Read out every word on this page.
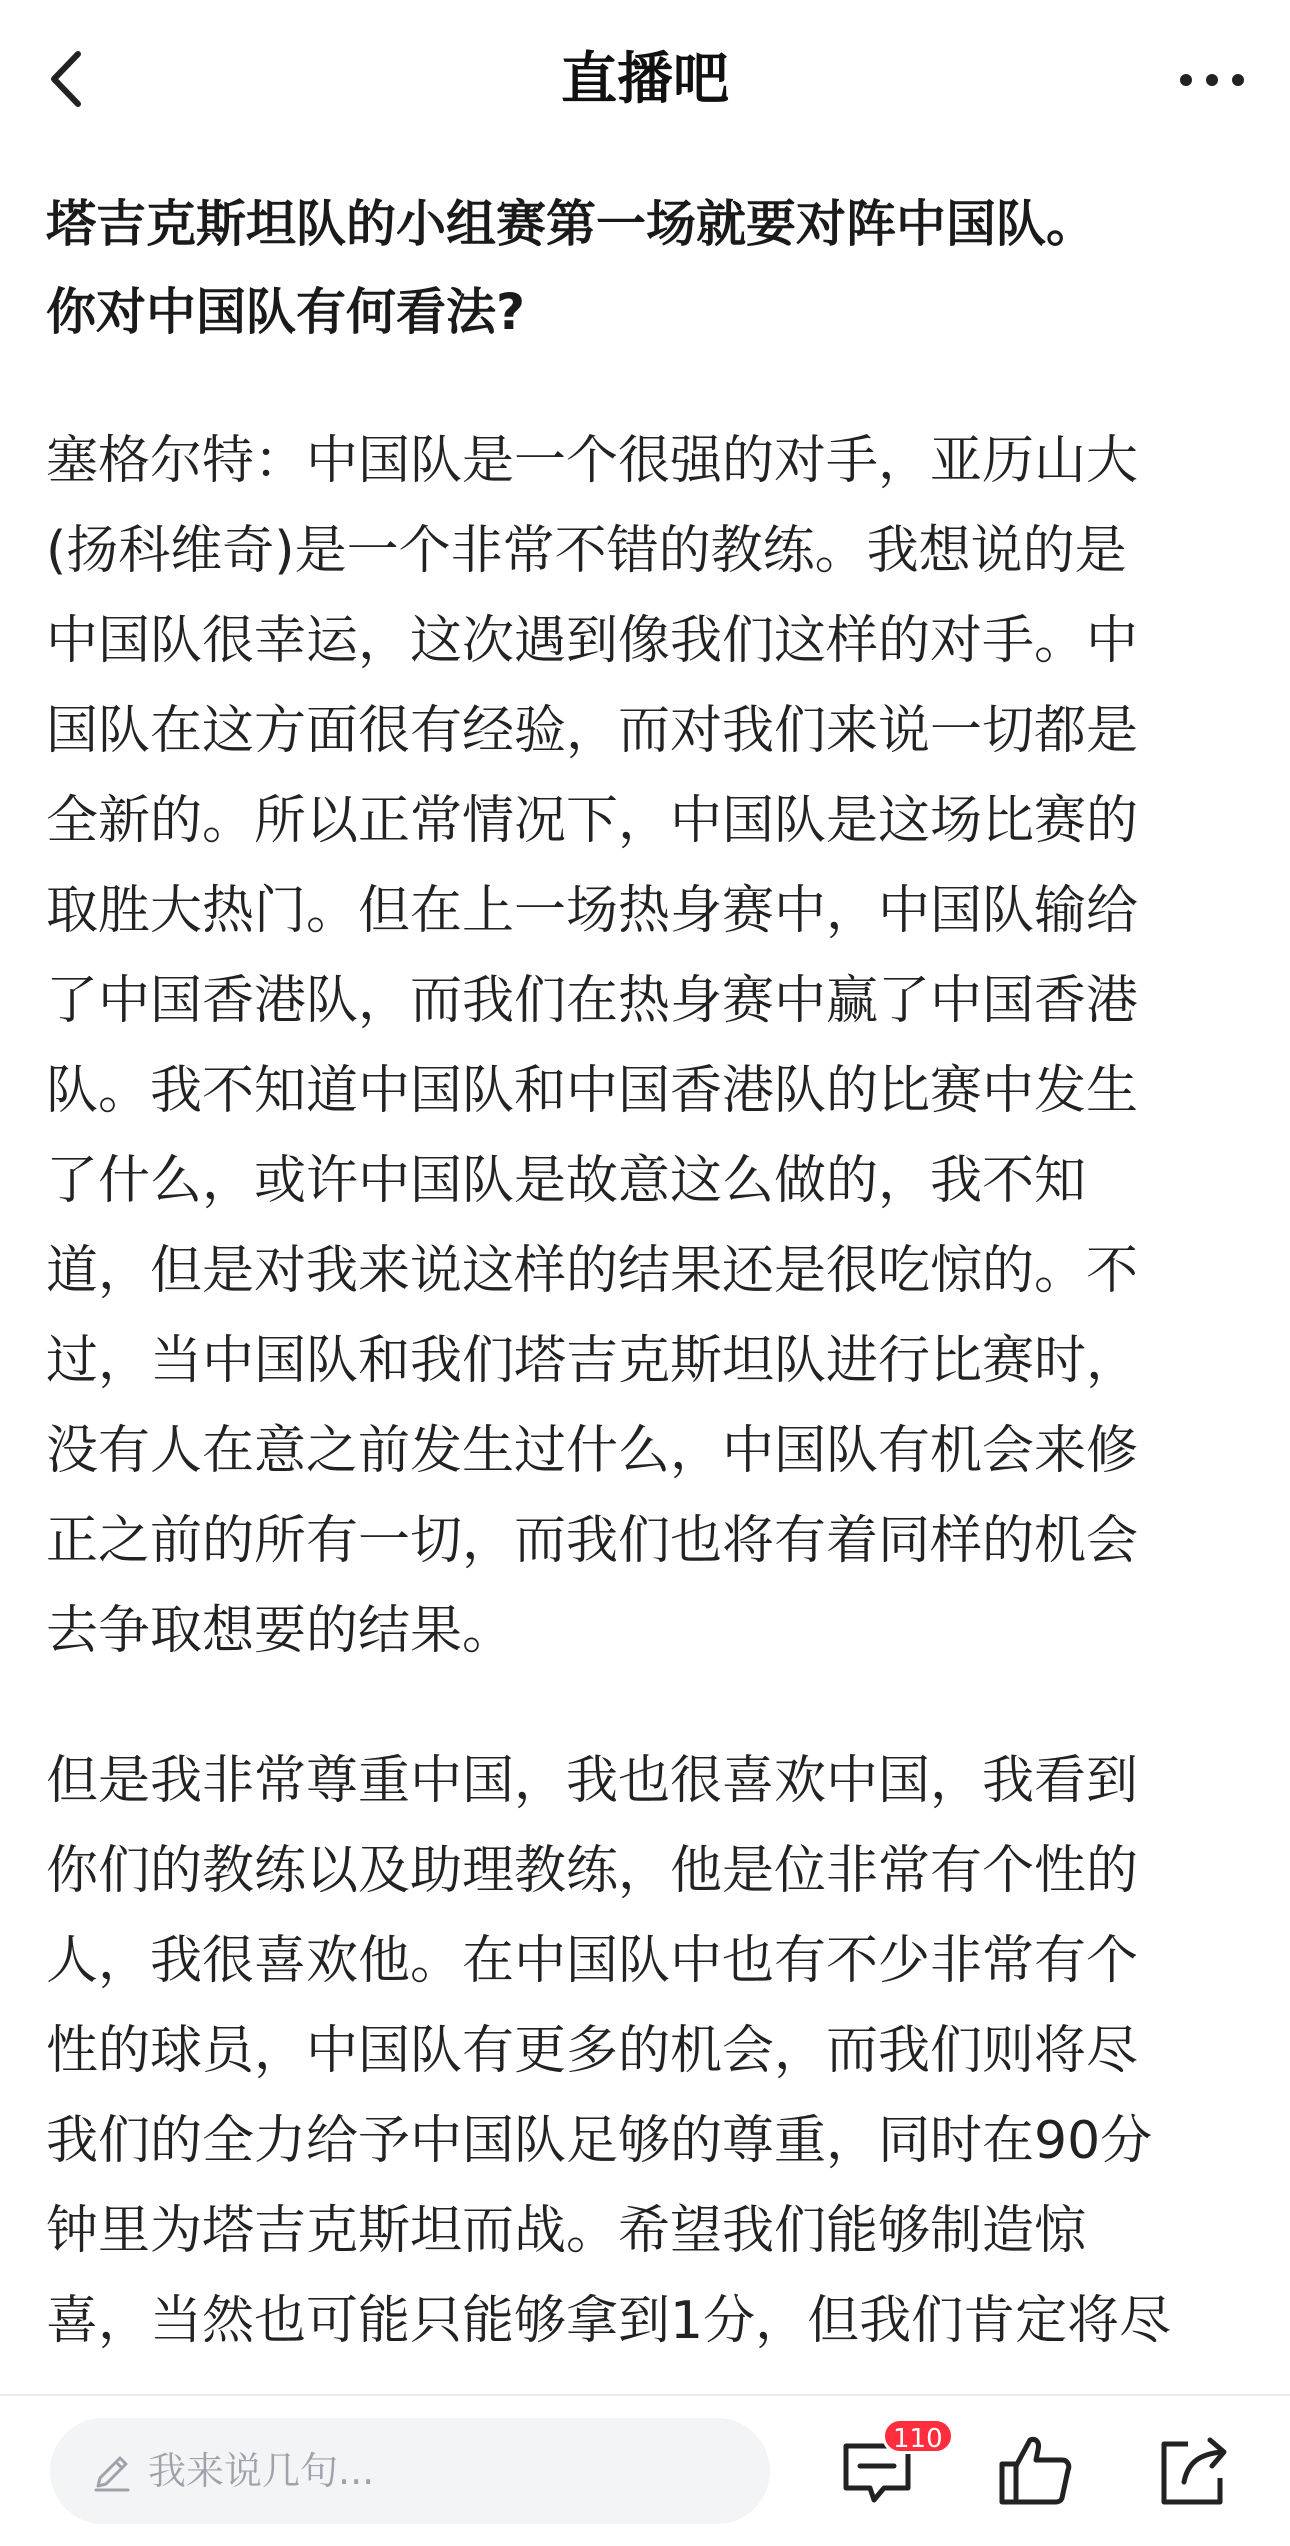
直播吧
塔吉克斯坦队的小组赛第一场就要对阵中国队。
你对中国队有何看法?
塞格尔特：中国队是一个很强的对手，亚历山大
(扬科维奇)是一个非常不错的教练。我想说的是
中国队很幸运，这次遇到像我们这样的对手。中
国队在这方面很有经验，而对我们来说一切都是
全新的。所以正常情况下，中国队是这场比赛的
取胜大热门。但在上一场热身赛中，中国队输给
了中国香港队，而我们在热身赛中赢了中国香港
队。我不知道中国队和中国香港队的比赛中发生
了什么，或许中国队是故意这么做的，我不知
道，但是对我来说这样的结果还是很吃惊的。不
过，当中国队和我们塔吉克斯坦队进行比赛时，
没有人在意之前发生过什么，中国队有机会来修
正之前的所有一切，而我们也将有着同样的机会
去争取想要的结果。
但是我非常尊重中国，我也很喜欢中国，我看到
你们的教练以及助理教练，他是位非常有个性的
人，我很喜欢他。在中国队中也有不少非常有个
性的球员，中国队有更多的机会，而我们则将尽
我们的全力给予中国队足够的尊重，同时在90分
钟里为塔吉克斯坦而战。希望我们能够制造惊
喜，当然也可能只能够拿到1分，但我们肯定将尽
我来说几句...
110
